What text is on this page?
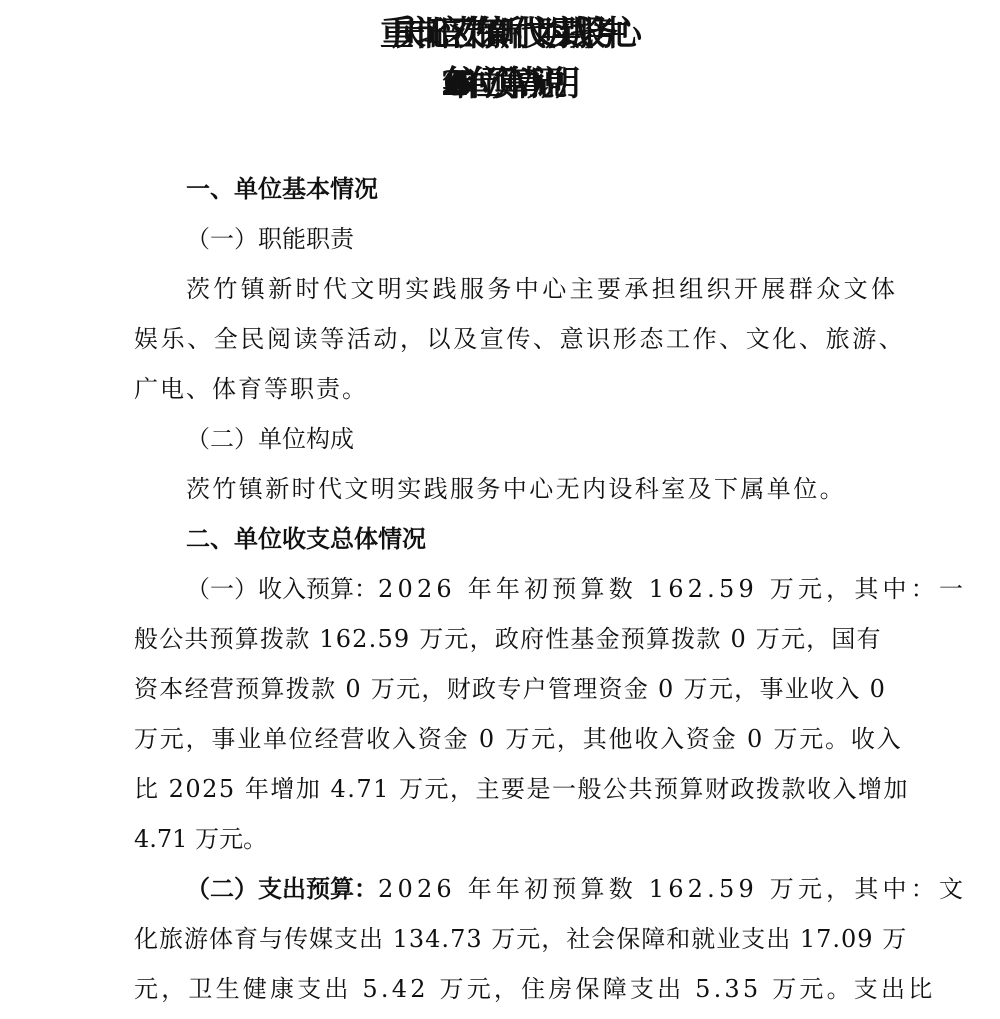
重庆市北碚区茨竹镇新时代文明实践服务中心
2026 年单位预算情况说明
一、单位基本情况
（一）职能职责
茨竹镇新时代文明实践服务中心主要承担组织开展群众文体
娱乐、全民阅读等活动，以及宣传、意识形态工作、文化、旅游、
广电、体育等职责。
（二）单位构成
茨竹镇新时代文明实践服务中心无内设科室及下属单位。
二、单位收支总体情况
（一）收入预算：2026 年年初预算数 162.59 万元，其中：一
般公共预算拨款 162.59 万元，政府性基金预算拨款 0 万元，国有
资本经营预算拨款 0 万元，财政专户管理资金 0 万元，事业收入 0
万元，事业单位经营收入资金 0 万元，其他收入资金 0 万元。收入
比 2025 年增加 4.71 万元，主要是一般公共预算财政拨款收入增加
4.71 万元。
（二）支出预算：2026 年年初预算数 162.59 万元，其中：文
化旅游体育与传媒支出 134.73 万元，社会保障和就业支出 17.09 万
元，卫生健康支出 5.42 万元，住房保障支出 5.35 万元。支出比
